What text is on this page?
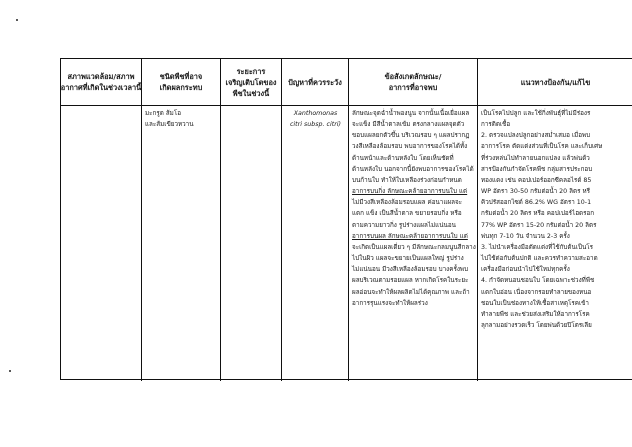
สภาพแวดล้อม/สภาพ
อากาศที่เกิดในช่วงเวลานี้
ชนิดพืชที่อาจ
เกิดผลกระทบ
ระยะการ
เจริญเติบโตของ
พืชในช่วงนี้
ปัญหาที่ควรระวัง
ข้อสังเกตลักษณะ/
อาการที่อาจพบ
แนวทางป้องกัน/แก้ไข
มะกรูด ส้มโอ
และส้มเขียวหวาน
Xanthomonas
citri subsp. citri)
ลักษณะจุดฉ่ำน้ำพองนูน จากนั้นเนื้อเยื่อแผล
จะแข็ง มีสีน้ำตาลเข้ม ตรงกลางแผลจุดตัว
ขอบแผลยกตัวขึ้น บริเวณรอบ ๆ แผลปรากฏ
วงสีเหลืองล้อมรอบ พบอาการของโรคได้ทั้ง
ด้านหน้าและด้านหลังใบ โดยเห็นชัดที่
ด้านหลังใบ นอกจากนี้ยังพบอาการของโรคได้
บนก้านใบ ทำให้ใบเหลืองร่วงก่อนกำหนด
อาการบนกิ่ง ลักษณะคล้ายอาการบนใบ แต่
ไม่มีวงสีเหลืองล้อมรอบแผล ค่อนาแผลจะ
แตก แข็ง เป็นสีน้ำตาล ขยายรอบกิ่ง หรือ
ตามความยาวกิ่ง รูปร่างแผลไม่แน่นอน
อาการบนผล ลักษณะคล้ายอาการบนใบ แต่
จะเกิดเป็นแผลเดี่ยว ๆ มีลักษณะกลมนูนสีกลาง
ไปในผิว แผลจะขยายเป็นแผลใหญ่ รูปร่าง
ไม่แน่นอน มีวงสีเหลืองล้อมรอบ บางครั้งพบ
ผลบริเวณตามรอยแผล หากเกิดโรคในระยะ
ผลอ่อนจะทำให้ผลผลิตไม่ได้คุณภาพ และถ้า
อาการรุนแรงจะทำให้ผลร่วง
เป็นโรคไปปลูก และใช้กิ่งพันธุ์ที่ไม่มีร่องร
การติดเชื้อ
2. ตรวจแปลงปลูกอย่างสม่ำเสมอ เมื่อพบ
อาการโรค ตัดแต่งส่วนที่เป็นโรค และเก็บเศษ
ที่ร่วงหล่นไปทำลายนอกแปลง แล้วพ่นด้ว
สารป้องกันกำจัดโรคพืช กลุ่มสารประกอบ
ทองแดง เช่น คอปเปอร์ออกซีคลอไรด์ 85
WP อัตรา 30-50 กรัมต่อน้ำ 20 ลิตร หรื
คิวปรัสออกไซด์ 86.2% WG อัตรา 10-1
กรัมต่อน้ำ 20 ลิตร หรือ คอปเปอร์ไฮดรอก
77% WP อัตรา 15-20 กรัมต่อน้ำ 20 ลิตร
พ่นทุก 7-10 วัน จำนวน 2-3 ครั้ง
3. ไม่นำเครื่องมือตัดแต่งที่ใช้กับต้นเป็นโร
ไปใช้ต่อกับต้นปกติ และควรทำความสะอาด
เครื่องมือก่อนนำไปใช้ใหม่ทุกครั้ง
4. กำจัดหนอนชอนใบ โดยเฉพาะช่วงที่พืช
แตกใบอ่อน เนื่องจากรอยทำลายของหนอ
ชอนใบเป็นช่องทางให้เชื้อสาเหตุโรคเข้า
ทำลายพืช และช่วยส่งเสริมให้อาการโรค
ลุกลามอย่างรวดเร็ว โดยพ่นด้วยปิโตรเลีย
